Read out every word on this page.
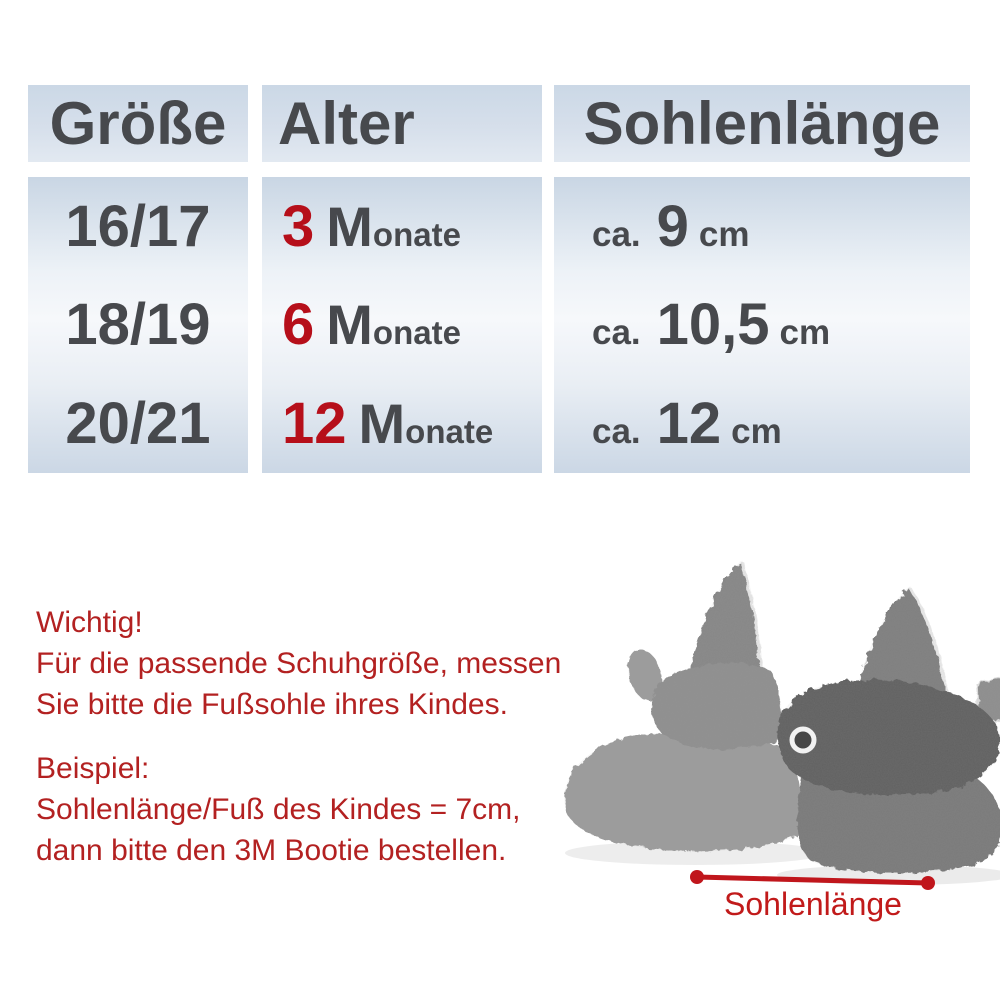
Größe Alter	Sohlenlänge
16/17
18/19
20/21
3 M onate
6 M onate
12 M onate
ca. 9 cm
ca. 10,5 cm
ca. 12 cm
Wichtig!
Für die passende Schuhgröße, messen
Sie bitte die Fußsohle ihres Kindes.
Beispiel:
Sohlenlänge/Fuß des Kindes = 7cm,
dann bitte den 3M Bootie bestellen.
Sohlenlänge
